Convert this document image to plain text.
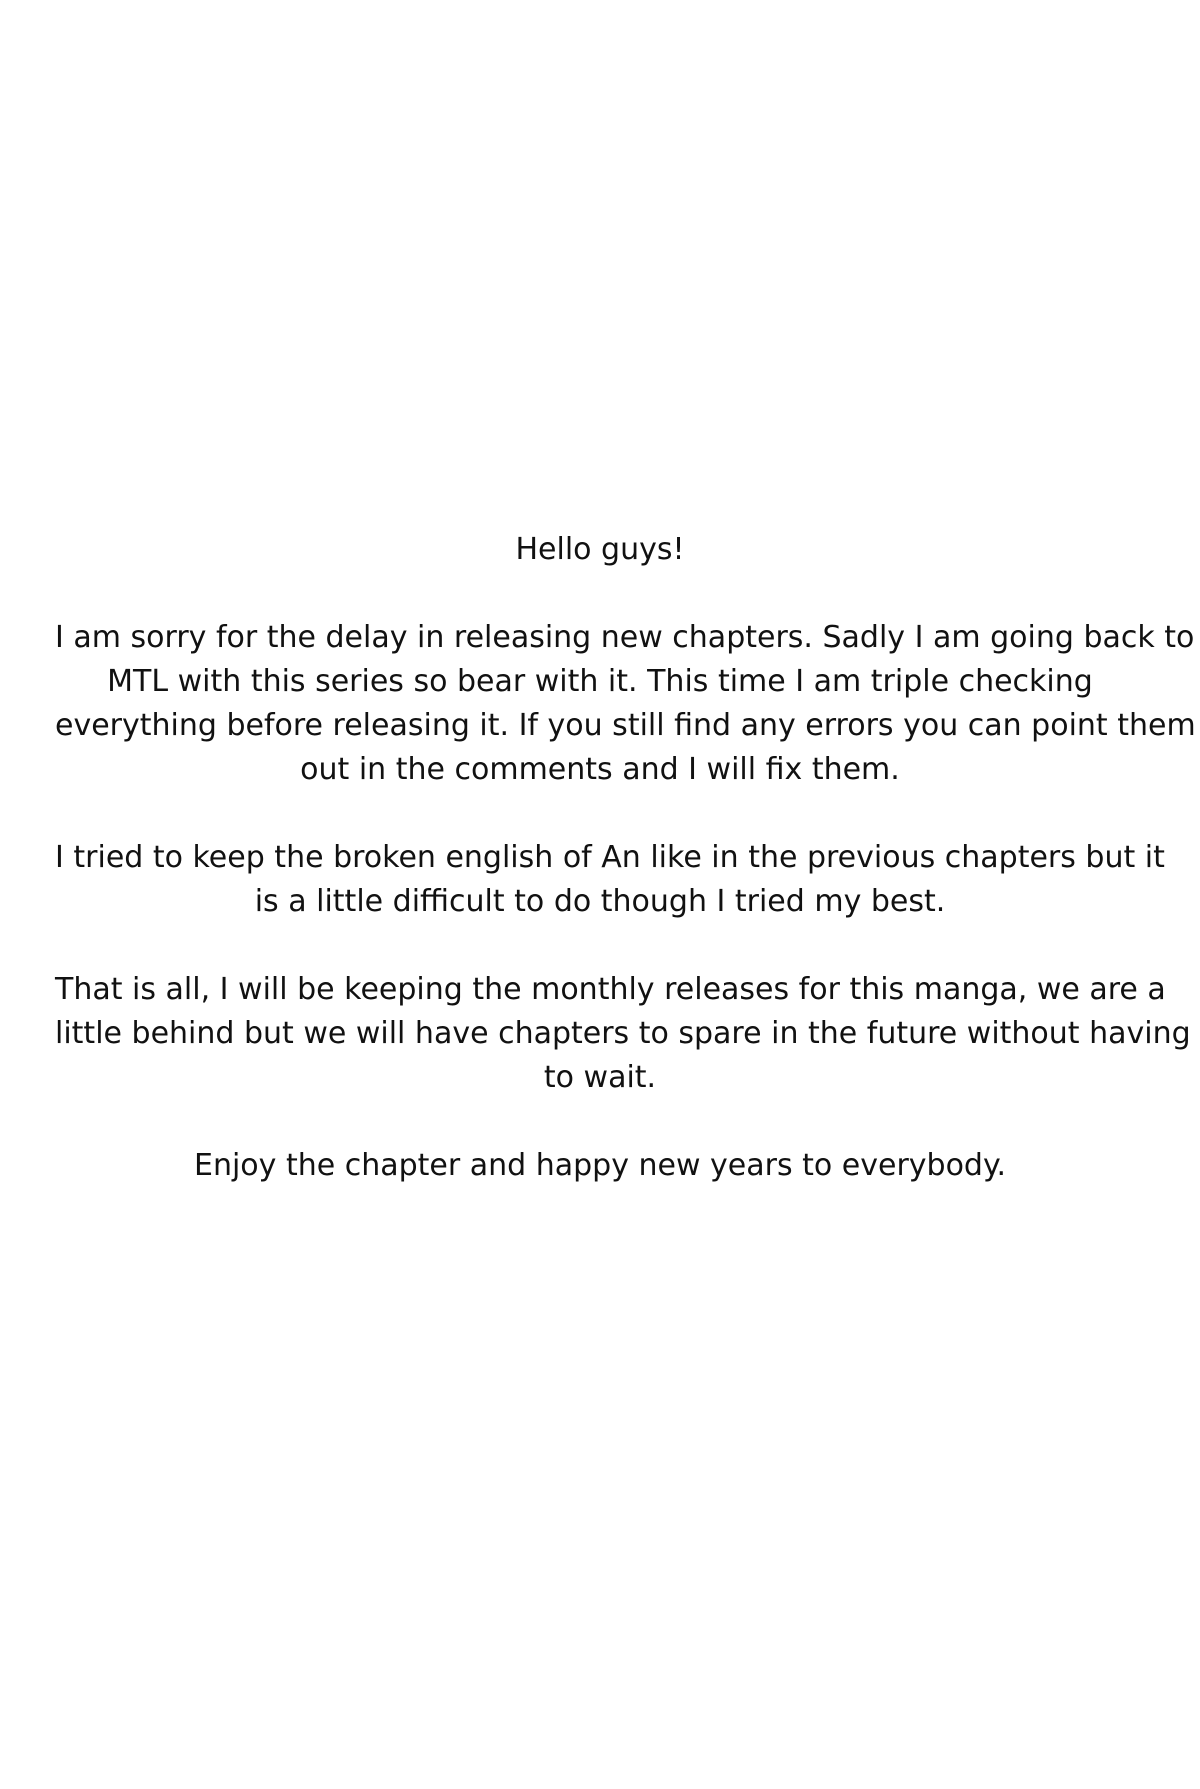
Hello guys!

I am sorry for the delay in releasing new chapters. Sadly I am going back to
MTL with this series so bear with it. This time I am triple checking
everything before releasing it. If you still find any errors you can point them
out in the comments and I will fix them.

I tried to keep the broken english of An like in the previous chapters but it
is a little difficult to do though I tried my best.

That is all, I will be keeping the monthly releases for this manga, we are a
little behind but we will have chapters to spare in the future without having
to wait.

Enjoy the chapter and happy new years to everybody.
